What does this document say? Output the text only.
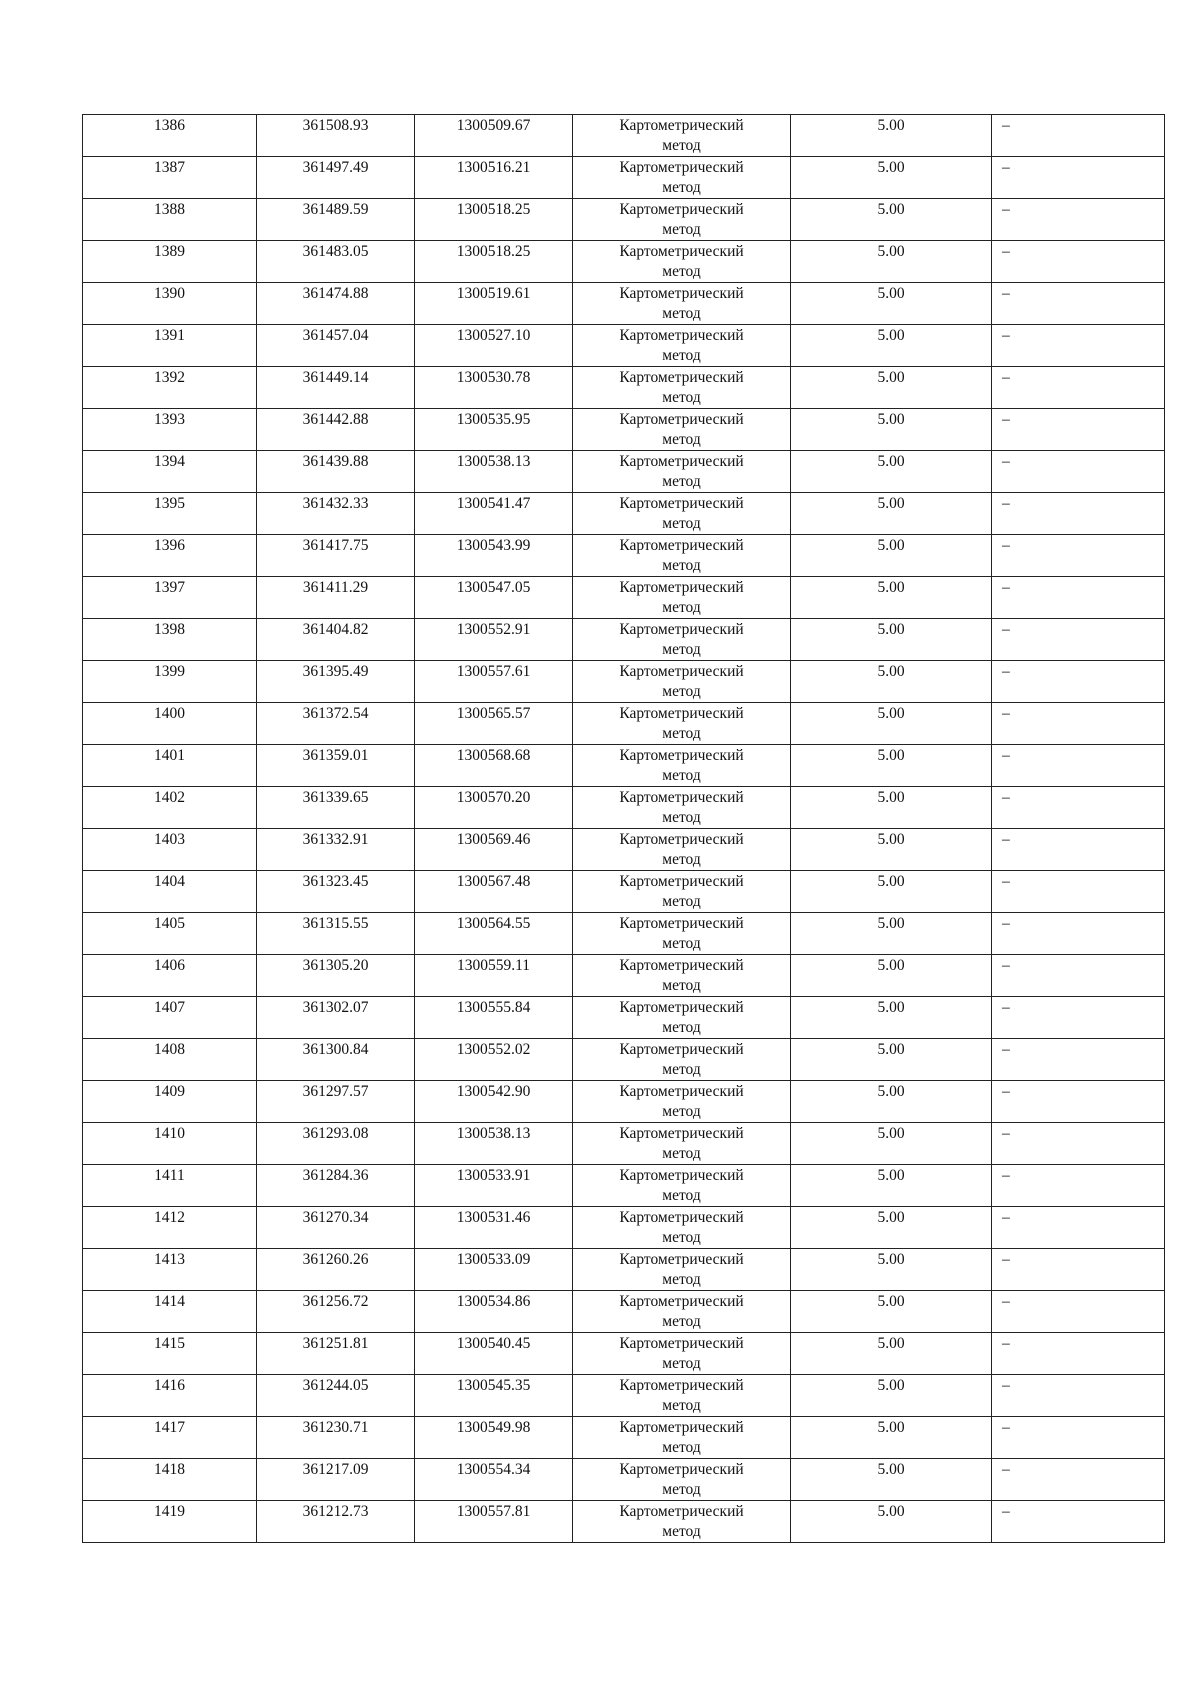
1386	361508.93	1300509.67	Картометрический
метод	5.00	–

1387	361497.49	1300516.21	Картометрический
метод	5.00	–

1388	361489.59	1300518.25	Картометрический
метод	5.00	–

1389	361483.05	1300518.25	Картометрический
метод	5.00	–

1390	361474.88	1300519.61	Картометрический
метод	5.00	–

1391	361457.04	1300527.10	Картометрический
метод	5.00	–

1392	361449.14	1300530.78	Картометрический
метод	5.00	–

1393	361442.88	1300535.95	Картометрический
метод	5.00	–

1394	361439.88	1300538.13	Картометрический
метод	5.00	–

1395	361432.33	1300541.47	Картометрический
метод	5.00	–

1396	361417.75	1300543.99	Картометрический
метод	5.00	–

1397	361411.29	1300547.05	Картометрический
метод	5.00	–

1398	361404.82	1300552.91	Картометрический
метод	5.00	–

1399	361395.49	1300557.61	Картометрический
метод	5.00	–

1400	361372.54	1300565.57	Картометрический
метод	5.00	–

1401	361359.01	1300568.68	Картометрический
метод	5.00	–

1402	361339.65	1300570.20	Картометрический
метод	5.00	–

1403	361332.91	1300569.46	Картометрический
метод	5.00	–

1404	361323.45	1300567.48	Картометрический
метод	5.00	–

1405	361315.55	1300564.55	Картометрический
метод	5.00	–

1406	361305.20	1300559.11	Картометрический
метод	5.00	–

1407	361302.07	1300555.84	Картометрический
метод	5.00	–

1408	361300.84	1300552.02	Картометрический
метод	5.00	–

1409	361297.57	1300542.90	Картометрический
метод	5.00	–

1410	361293.08	1300538.13	Картометрический
метод	5.00	–

1411	361284.36	1300533.91	Картометрический
метод	5.00	–

1412	361270.34	1300531.46	Картометрический
метод	5.00	–

1413	361260.26	1300533.09	Картометрический
метод	5.00	–

1414	361256.72	1300534.86	Картометрический
метод	5.00	–

1415	361251.81	1300540.45	Картометрический
метод	5.00	–

1416	361244.05	1300545.35	Картометрический
метод	5.00	–

1417	361230.71	1300549.98	Картометрический
метод	5.00	–

1418	361217.09	1300554.34	Картометрический
метод	5.00	–

1419	361212.73	1300557.81	Картометрический
метод	5.00	–
